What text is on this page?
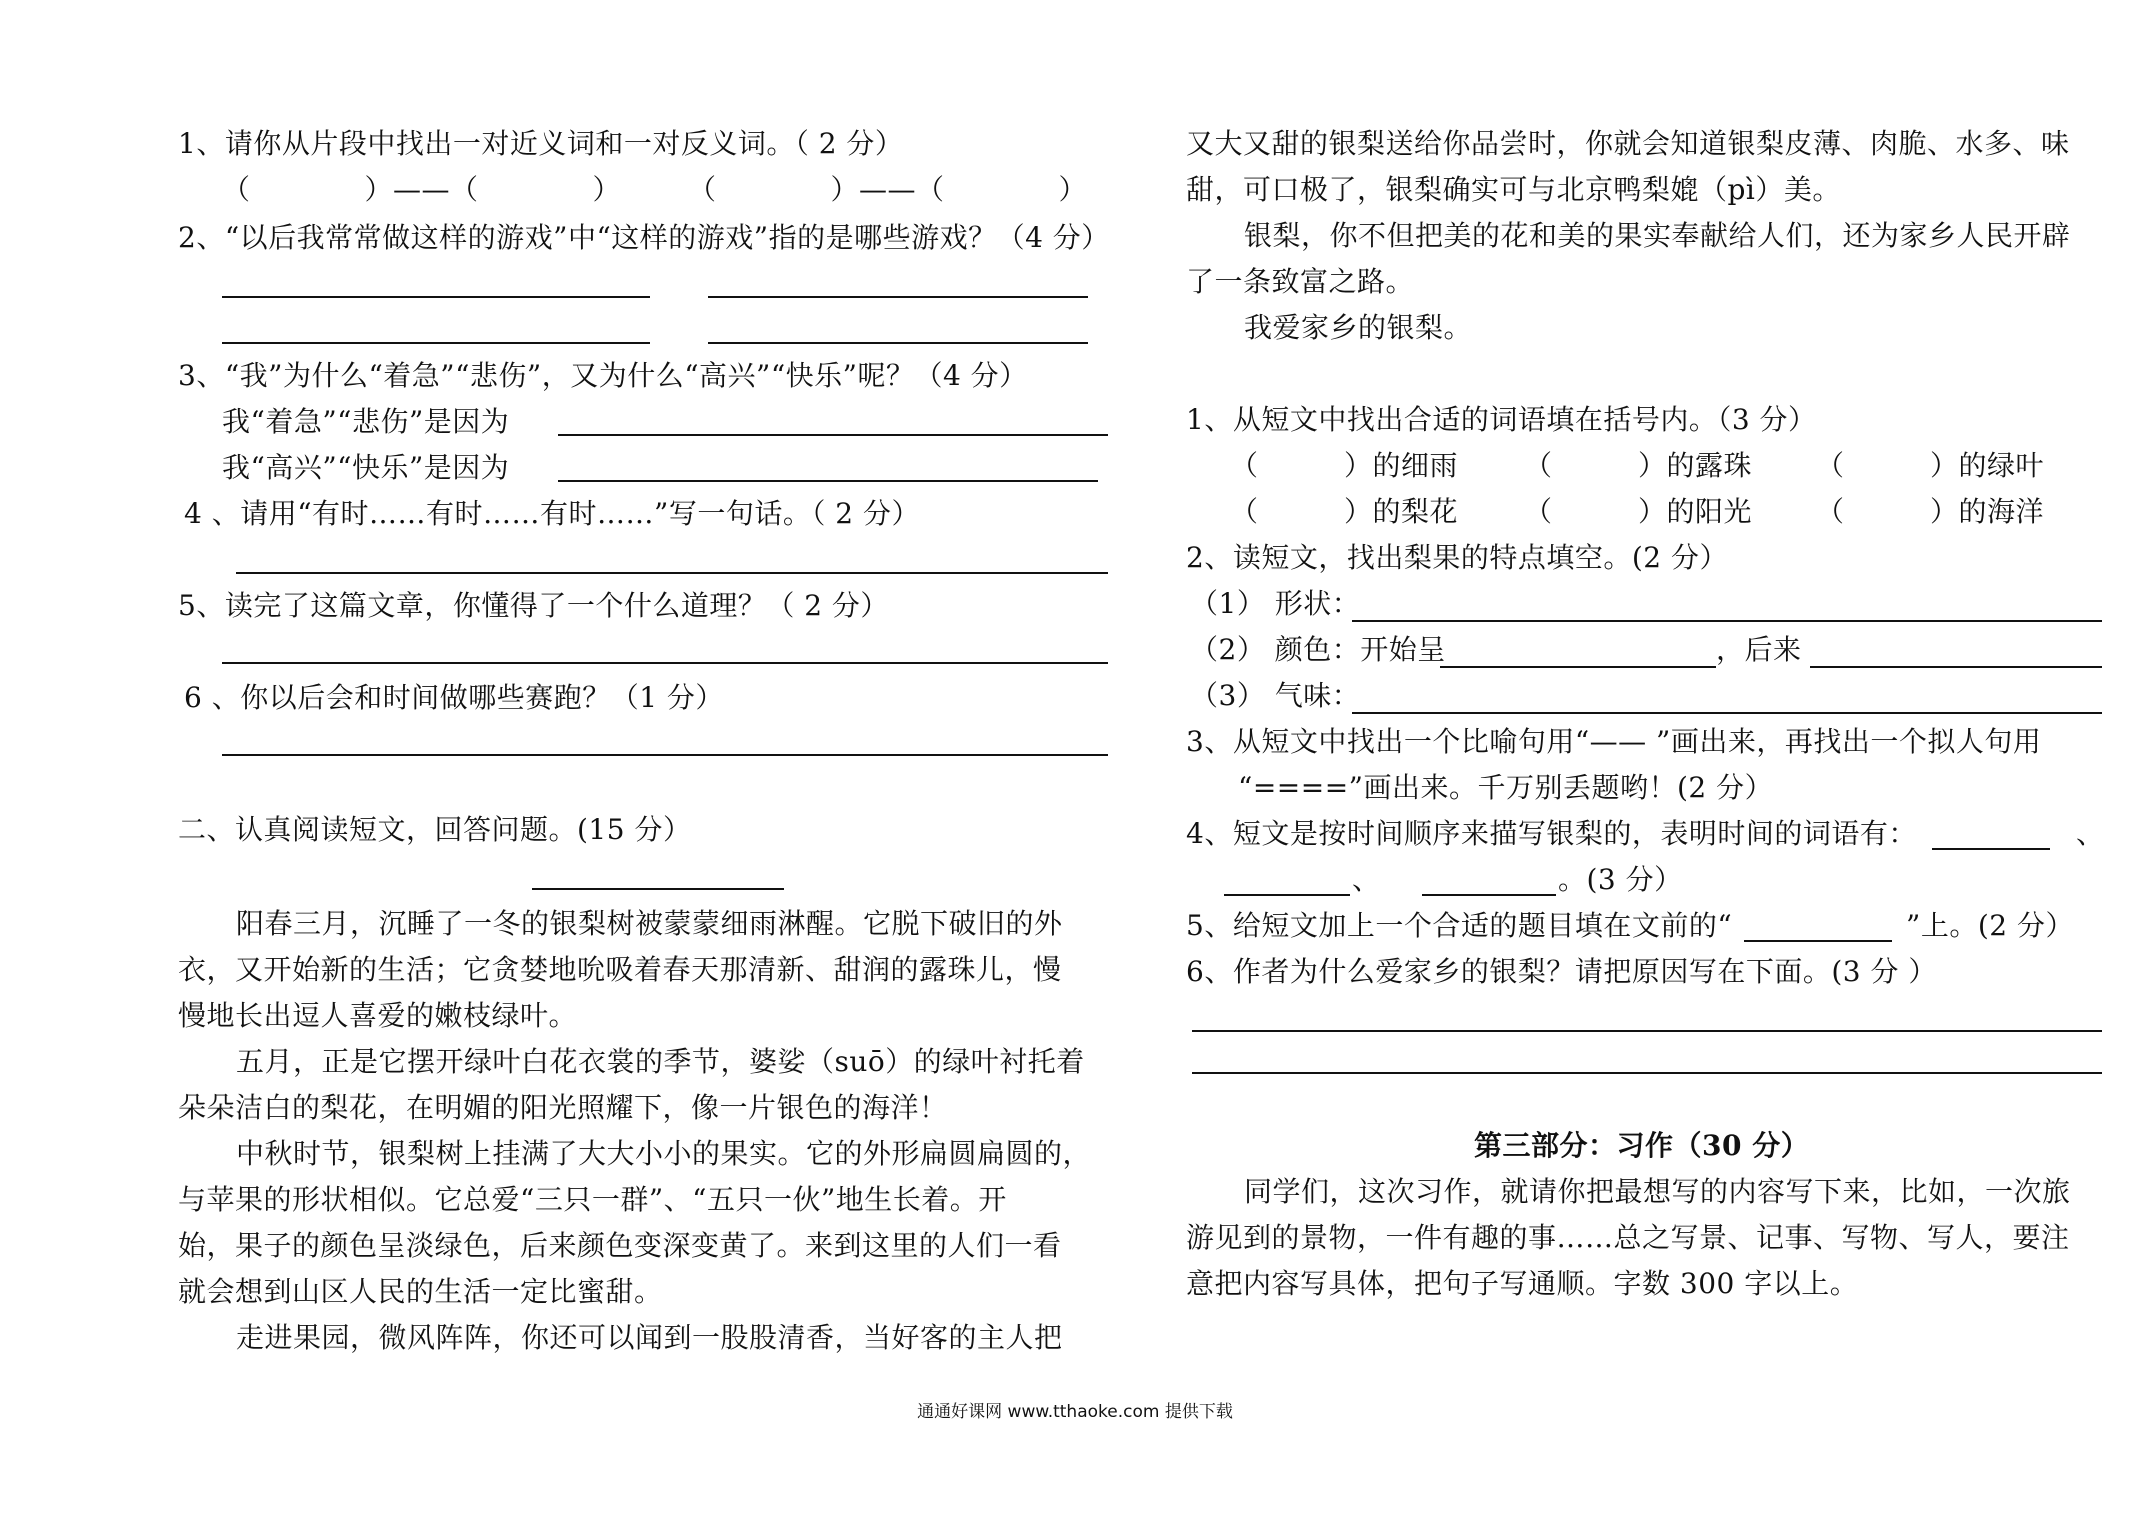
1、请你从片段中找出一对近义词和一对反义词。（ 2 分）
（　　　　）——（　　　　） （　　　　）——（　　　　）
2、“以后我常常做这样的游戏”中“这样的游戏”指的是哪些游戏？（4 分）
3、“我”为什么“着急”“悲伤”，又为什么“高兴”“快乐”呢？（4 分）
我“着急”“悲伤”是因为
我“高兴”“快乐”是因为
4 、请用“有时……有时……有时……”写一句话。（ 2 分）
5、读完了这篇文章，你懂得了一个什么道理？（ 2 分）
6 、你以后会和时间做哪些赛跑？（1 分）
二、认真阅读短文，回答问题。(15 分）
阳春三月，沉睡了一冬的银梨树被蒙蒙细雨淋醒。它脱下破旧的外
衣，又开始新的生活；它贪婪地吮吸着春天那清新、甜润的露珠儿，慢
慢地长出逗人喜爱的嫩枝绿叶。
五月，正是它摆开绿叶白花衣裳的季节，婆娑（suō）的绿叶衬托着
朵朵洁白的梨花，在明媚的阳光照耀下，像一片银色的海洋！
中秋时节，银梨树上挂满了大大小小的果实。它的外形扁圆扁圆的，
与苹果的形状相似。它总爱“三只一群”、“五只一伙”地生长着。开
始，果子的颜色呈淡绿色，后来颜色变深变黄了。来到这里的人们一看
就会想到山区人民的生活一定比蜜甜。
走进果园，微风阵阵，你还可以闻到一股股清香，当好客的主人把
又大又甜的银梨送给你品尝时，你就会知道银梨皮薄、肉脆、水多、味
甜，可口极了，银梨确实可与北京鸭梨媲（pì）美。
银梨，你不但把美的花和美的果实奉献给人们，还为家乡人民开辟
了一条致富之路。
我爱家乡的银梨。
1、从短文中找出合适的词语填在括号内。（3 分）
（　　　）的细雨 （　　　）的露珠 （　　　）的绿叶
（　　　）的梨花 （　　　）的阳光 （　　　）的海洋
2、读短文，找出梨果的特点填空。(2 分）
（1） 形状：
（2） 颜色：开始呈	，后来
（3） 气味：
3、从短文中找出一个比喻句用“—— ”画出来，再找出一个拟人句用
“====”画出来。千万别丢题哟！(2 分）
4、短文是按时间顺序来描写银梨的，表明时间的词语有：	、
、	。(3 分）
5、给短文加上一个合适的题目填在文前的“	”上。(2 分）
6、作者为什么爱家乡的银梨？请把原因写在下面。(3 分 ）
第三部分：习作（30 分）
同学们，这次习作，就请你把最想写的内容写下来，比如，一次旅
游见到的景物，一件有趣的事……总之写景、记事、写物、写人，要注
意把内容写具体，把句子写通顺。字数 300 字以上。
通通好课网 www.tthaoke.com 提供下载
